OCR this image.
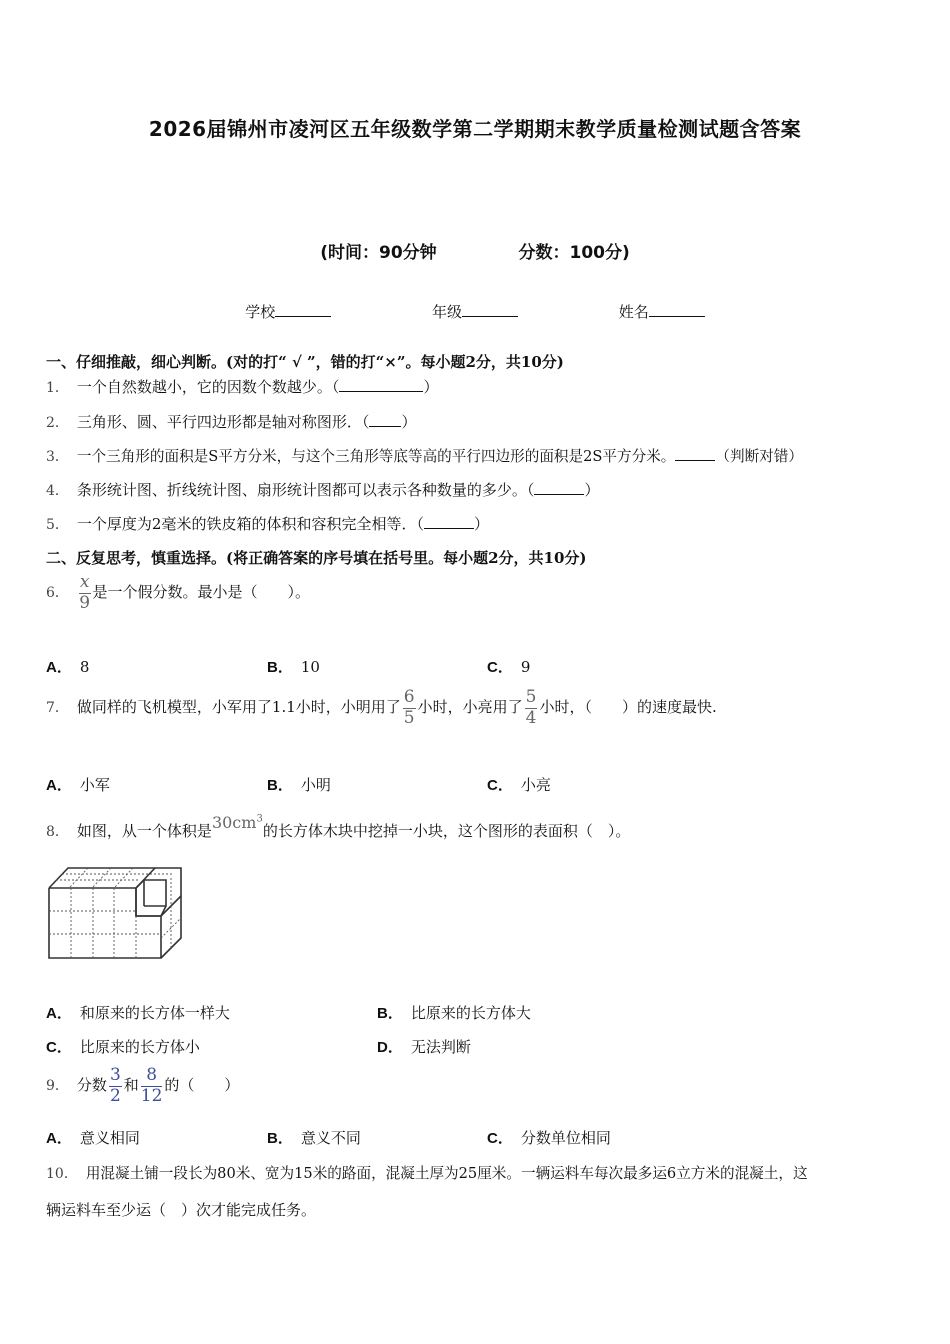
2026届锦州市凌河区五年级数学第二学期期末教学质量检测试题含答案
(时间：90分钟	分数：100分)
学校	年级	姓名
一、仔细推敲，细心判断。(对的打“ √ ”，错的打“×”。每小题2分，共10分)
1． 一个自然数越小，它的因数个数越少。（	）
2． 三角形、圆、平行四边形都是轴对称图形．（ ）
3． 一个三角形的面积是S平方分米，与这个三角形等底等高的平行四边形的面积是2S平方分米。	（判断对错）
4． 条形统计图、折线统计图、扇形统计图都可以表示各种数量的多少。（	）
5． 一个厚度为2毫米的铁皮箱的体积和容积完全相等．（	）
二、反复思考，慎重选择。(将正确答案的序号填在括号里。每小题2分，共10分)
6． $\frac{x}{9}$ 是一个假分数。最小是（　　）。
A． 8	B． 10	C． 9
7． 做同样的飞机模型，小军用了1.1小时，小明用了 $\frac{6}{5}$ 小时，小亮用了 $\frac{5}{4}$ 小时，（　　）的速度最快.
A． 小军	B． 小明	C． 小亮
8． 如图，从一个体积是$30cm^3$的长方体木块中挖掉一小块，这个图形的表面积（　）。
A． 和原来的长方体一样大	B． 比原来的长方体大
C． 比原来的长方体小	D． 无法判断
9． 分数 $\frac{3}{2}$ 和 $\frac{8}{12}$ 的（　　）
A． 意义相同	B． 意义不同	C． 分数单位相同
10． 用混凝土铺一段长为80米、宽为15米的路面，混凝土厚为25厘米。一辆运料车每次最多运6立方米的混凝土，这
辆运料车至少运（　）次才能完成任务。
